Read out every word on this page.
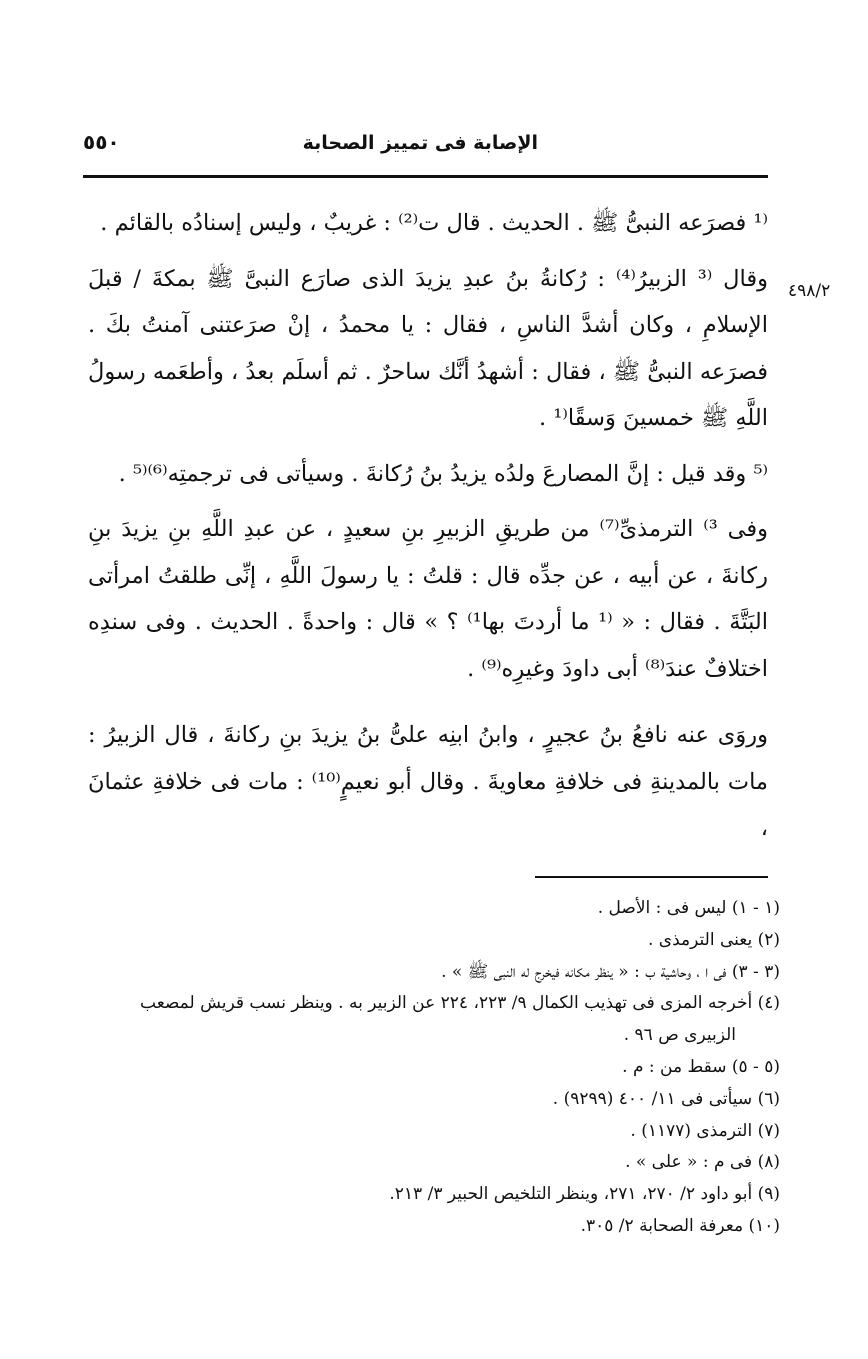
الإصابة فى تمييز الصحابة
٥٥٠
٤٩٨/٢

⁽¹ فصرَعه النبىُّ ﷺ . الحديث . قال ت⁽²⁾ : غريبٌ ، وليس إسنادُه بالقائم .

وقال ⁽³ الزبيرُ⁽⁴⁾ : رُكانةُ بنُ عبدِ يزيدَ الذى صارَع النبىَّ ﷺ بمكةَ / قبلَ الإسلامِ ، وكان أشدَّ الناسِ ، فقال : يا محمدُ ، إنْ صرَعتنى آمنتُ بكَ . فصرَعه النبىُّ ﷺ ، فقال : أشهدُ أنَّك ساحرٌ . ثم أسلَم بعدُ ، وأطعَمه رسولُ اللَّهِ ﷺ خمسينَ وَسقًا⁽¹ .

⁽⁵ وقد قيل : إنَّ المصارعَ ولدُه يزيدُ بنُ رُكانةَ . وسيأتى فى ترجمتِه⁽⁶⁾⁽⁵ .

وفى ³⁾ الترمذىِّ⁽⁷⁾ من طريقِ الزبيرِ بنِ سعيدٍ ، عن عبدِ اللَّهِ بنِ يزيدَ بنِ ركانةَ ، عن أبيه ، عن جدِّه قال : قلتُ : يا رسولَ اللَّهِ ، إنِّى طلقتُ امرأتى البَتَّةَ . فقال : « ⁽¹ ما أردتَ بها¹⁾ ؟ » قال : واحدةً . الحديث . وفى سندِه اختلافٌ عندَ⁽⁸⁾ أبى داودَ وغيرِه⁽⁹⁾ .

وروَى عنه نافعُ بنُ عجيرٍ ، وابنُ ابنِه علىُّ بنُ يزيدَ بنِ ركانةَ ، قال الزبيرُ : مات بالمدينةِ فى خلافةِ معاويةَ . وقال أبو نعيمٍ⁽¹⁰⁾ : مات فى خلافةِ عثمانَ ،

(١ - ١) ليس فى : الأصل .

(٢) يعنى الترمذى .

(٣ - ٣) فى ا ، وحاشية ب : « ينظر مكانه فيخرج له النبى ﷺ » .

(٤) أخرجه المزى فى تهذيب الكمال ٩/ ٢٢٣، ٢٢٤ عن الزبير به . وينظر نسب قريش لمصعب

الزبيرى ص ٩٦ .

(٥ - ٥) سقط من : م .

(٦) سيأتى فى ١١/ ٤٠٠ (٩٢٩٩) .

(٧) الترمذى (١١٧٧) .

(٨) فى م : « على » .

(٩) أبو داود ٢/ ٢٧٠، ٢٧١، وينظر التلخيص الحبير ٣/ ٢١٣.

(١٠) معرفة الصحابة ٢/ ٣٠٥.
